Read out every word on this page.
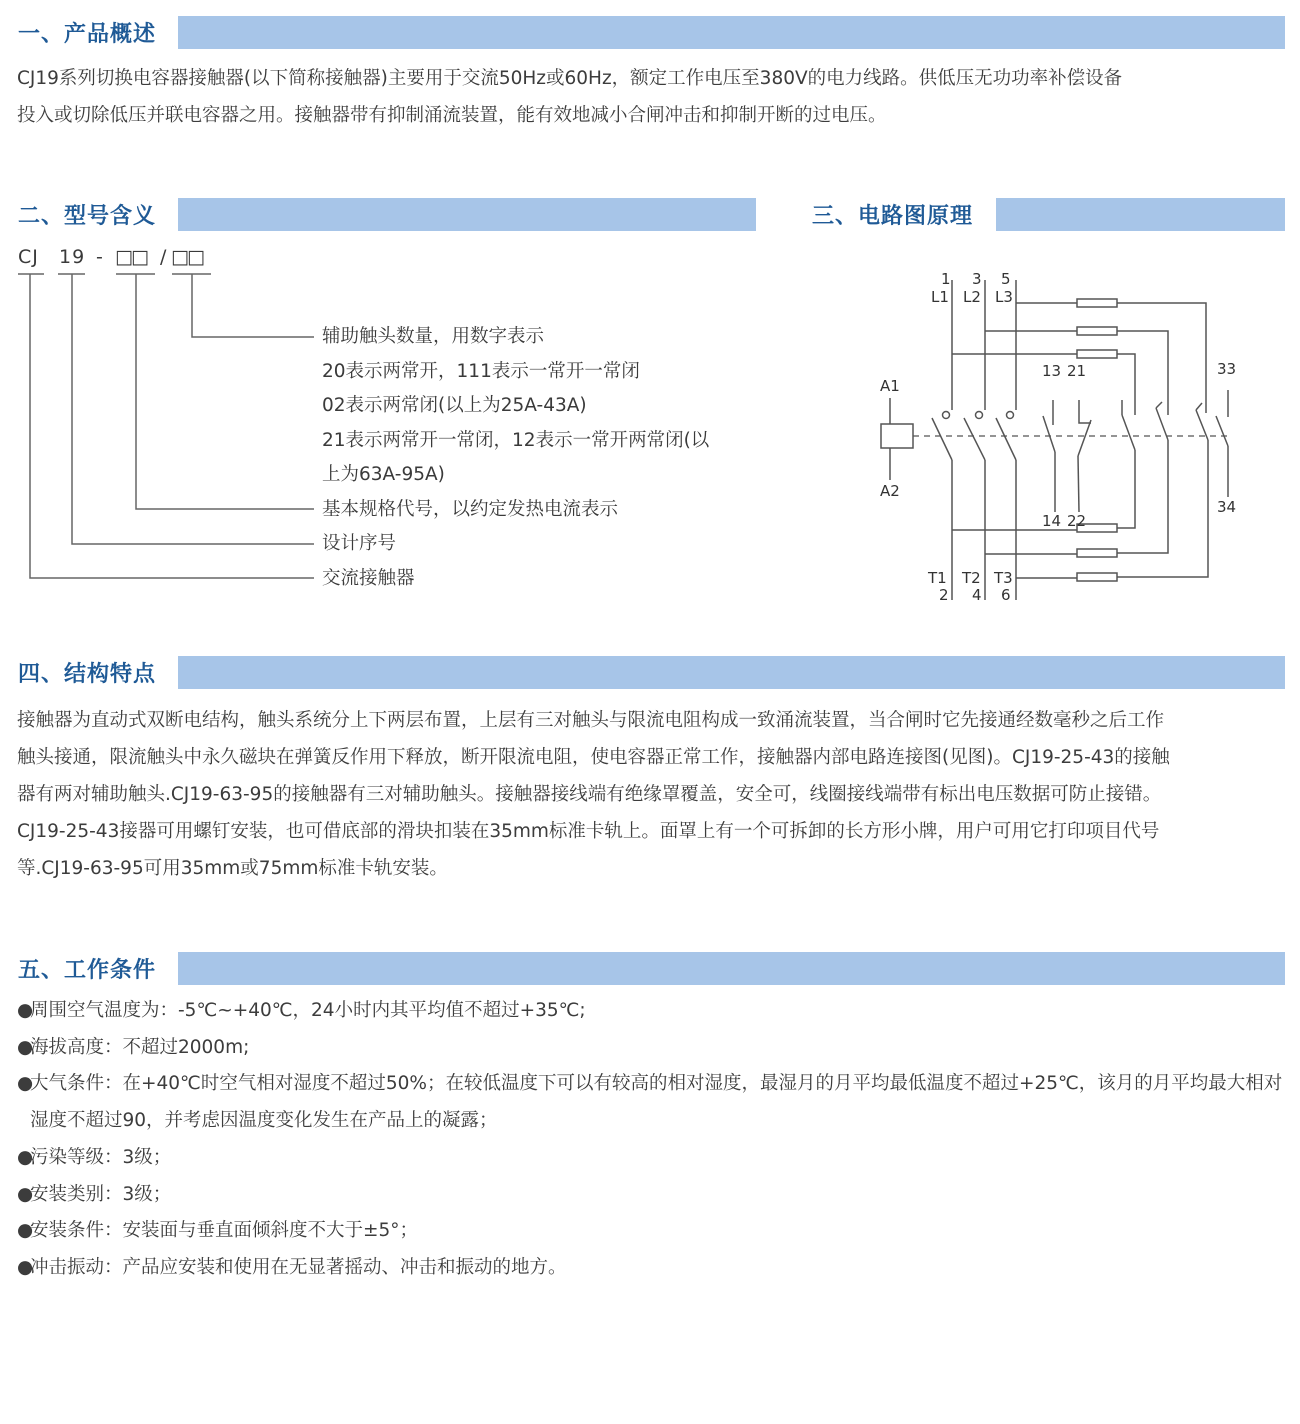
一、产品概述

CJ19系列切换电容器接触器(以下简称接触器)主要用于交流50Hz或60Hz，额定工作电压至380V的电力线路。供低压无功功率补偿设备

投入或切除低压并联电容器之用。接触器带有抑制涌流装置，能有效地减小合闸冲击和抑制开断的过电压。

二、型号含义
CJ 19 - □□ / □□
辅助触头数量，用数字表示
20表示两常开，111表示一常开一常闭
02表示两常闭(以上为25A-43A)
21表示两常开一常闭，12表示一常开两常闭(以
上为63A-95A)
基本规格代号，以约定发热电流表示
设计序号
交流接触器
三、电路图原理
1 3 5
L1 L2 L3
A1
A2
13 21	33
34
14 22
T1 T2 T3
2 4 6
四、结构特点

接触器为直动式双断电结构，触头系统分上下两层布置，上层有三对触头与限流电阻构成一致涌流装置，当合闸时它先接通经数毫秒之后工作

触头接通，限流触头中永久磁块在弹簧反作用下释放，断开限流电阻，使电容器正常工作，接触器内部电路连接图(见图)。CJ19-25-43的接触

器有两对辅助触头.CJ19-63-95的接触器有三对辅助触头。接触器接线端有绝缘罩覆盖，安全可，线圈接线端带有标出电压数据可防止接错。

CJ19-25-43接器可用螺钉安装，也可借底部的滑块扣装在35mm标准卡轨上。面罩上有一个可拆卸的长方形小牌，用户可用它打印项目代号

等.CJ19-63-95可用35mm或75mm标准卡轨安装。

五、工作条件
●
周围空气温度为：-5℃~+40℃，24小时内其平均值不超过+35℃;
●
海拔高度：不超过2000m;
●
大气条件：在+40℃时空气相对湿度不超过50%；在较低温度下可以有较高的相对湿度，最湿月的月平均最低温度不超过+25℃，该月的月平均最大相对湿度不超过90，并考虑因温度变化发生在产品上的凝露；
●
污染等级：3级；
●
安装类别：3级；
●
安装条件：安装面与垂直面倾斜度不大于±5°；
●
冲击振动：产品应安装和使用在无显著摇动、冲击和振动的地方。
